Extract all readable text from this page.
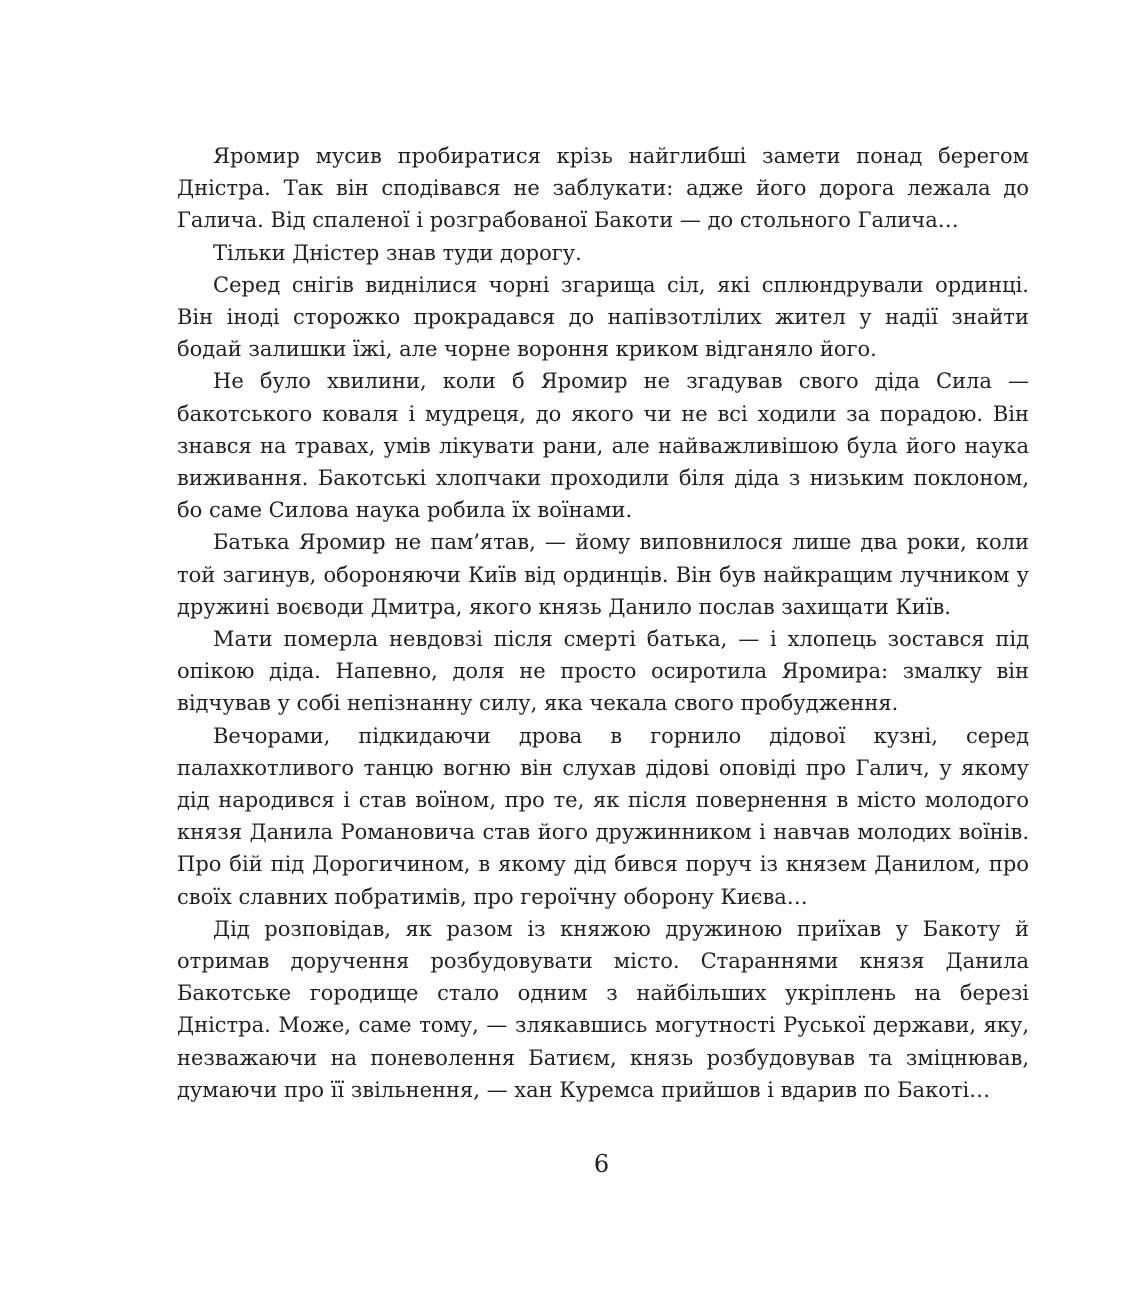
Яромир мусив пробиратися крізь найглибші замети понад берегом Дністра. Так він сподівався не заблукати: адже його дорога лежала до Галича. Від спаленої і розграбованої Бакоти — до стольного Галича…

Тільки Дністер знав туди дорогу.

Серед снігів виднілися чорні згарища сіл, які сплюндрували ординці. Він іноді сторожко прокрадався до напівзотлілих жител у надії знайти бодай залишки їжі, але чорне вороння криком відганяло його.

Не було хвилини, коли б Яромир не згадував свого діда Сила — бакотського коваля і мудреця, до якого чи не всі ходили за порадою. Він знався на травах, умів лікувати рани, але найважливішою була його наука виживання. Бакотські хлопчаки проходили біля діда з низьким поклоном, бо саме Силова наука робила їх воїнами.

Батька Яромир не пам’ятав, — йому виповнилося лише два роки, коли той загинув, обороняючи Київ від ординців. Він був найкращим лучником у дружині воєводи Дмитра, якого князь Данило послав захищати Київ.

Мати померла невдовзі після смерті батька, — і хлопець зостався під опікою діда. Напевно, доля не просто осиротила Яромира: змалку він відчував у собі непізнанну силу, яка чекала свого пробудження.

Вечорами, підкидаючи дрова в горнило дідової кузні, серед палахкотливого танцю вогню він слухав дідові оповіді про Галич, у якому дід народився і став воїном, про те, як після повернення в місто молодого князя Данила Романовича став його дружинником і навчав молодих воїнів. Про бій під Дорогичином, в якому дід бився поруч із князем Данилом, про своїх славних побратимів, про героїчну оборону Києва…

Дід розповідав, як разом із княжою дружиною приїхав у Бакоту й отримав доручення розбудовувати місто. Стараннями князя Данила Бакотське городище стало одним з найбільших укріплень на березі Дністра. Може, саме тому, — злякавшись могутності Руської держави, яку, незважаючи на поневолення Батиєм, князь розбудовував та зміцнював, думаючи про її звільнення, — хан Куремса прийшов і вдарив по Бакоті…

6
